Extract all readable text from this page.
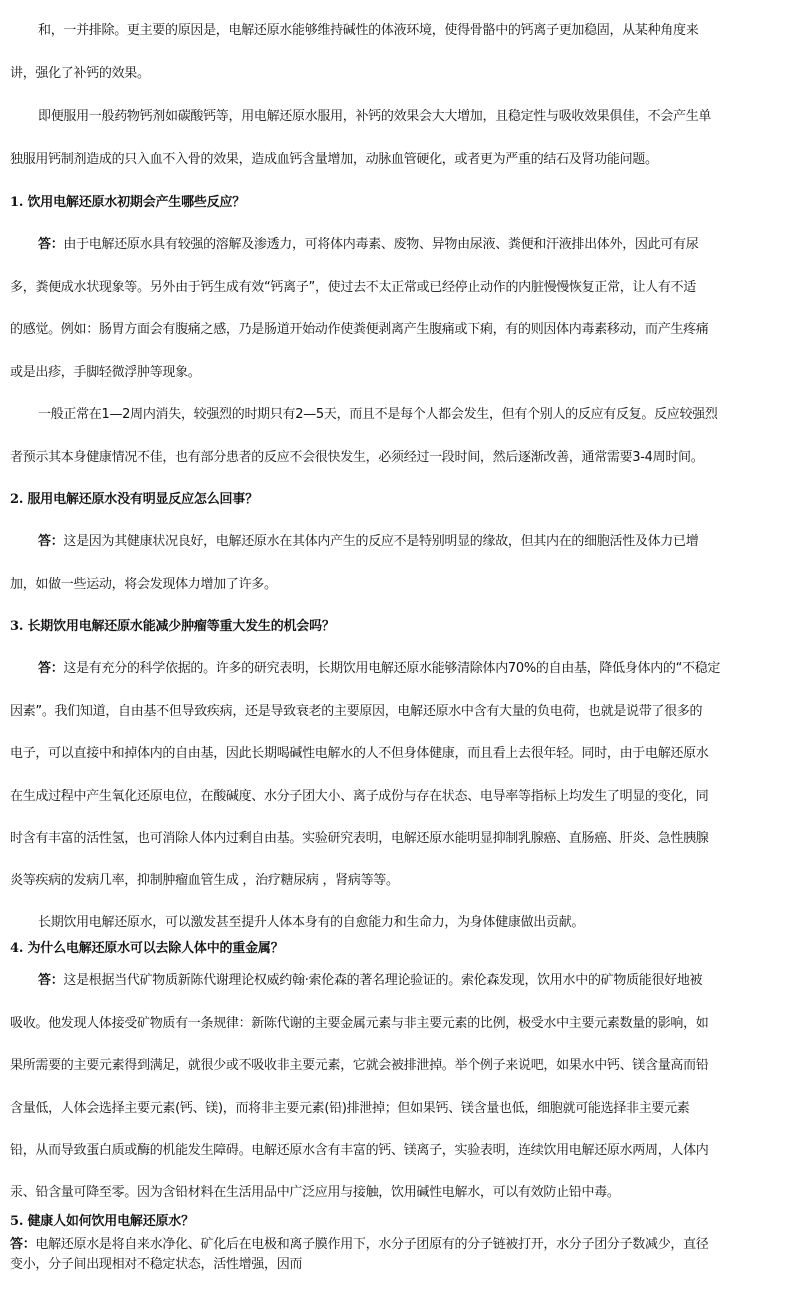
和，一并排除。更主要的原因是，电解还原水能够维持碱性的体液环境，使得骨骼中的钙离子更加稳固，从某种角度来
讲，强化了补钙的效果。
即便服用一般药物钙剂如碳酸钙等，用电解还原水服用，补钙的效果会大大增加，且稳定性与吸收效果俱佳，不会产生单
独服用钙制剂造成的只入血不入骨的效果，造成血钙含量增加，动脉血管硬化，或者更为严重的结石及肾功能问题。
1. 饮用电解还原水初期会产生哪些反应？
答：由于电解还原水具有较强的溶解及渗透力，可将体内毒素、废物、异物由尿液、粪便和汗液排出体外，因此可有尿
多，粪便成水状现象等。另外由于钙生成有效“钙离子”，使过去不太正常或已经停止动作的内脏慢慢恢复正常，让人有不适
的感觉。例如：肠胃方面会有腹痛之感，乃是肠道开始动作使粪便剥离产生腹痛或下痢，有的则因体内毒素移动，而产生疼痛
或是出疹，手脚轻微浮肿等现象。
一般正常在1—2周内消失，较强烈的时期只有2—5天，而且不是每个人都会发生，但有个别人的反应有反复。反应较强烈
者预示其本身健康情况不佳，也有部分患者的反应不会很快发生，必须经过一段时间，然后逐渐改善，通常需要3-4周时间。
2. 服用电解还原水没有明显反应怎么回事？
答：这是因为其健康状况良好，电解还原水在其体内产生的反应不是特别明显的缘故，但其内在的细胞活性及体力已增
加，如做一些运动，将会发现体力增加了许多。
3. 长期饮用电解还原水能减少肿瘤等重大发生的机会吗？
答：这是有充分的科学依据的。许多的研究表明，长期饮用电解还原水能够清除体内70%的自由基，降低身体内的“不稳定
因素”。我们知道，自由基不但导致疾病，还是导致衰老的主要原因，电解还原水中含有大量的负电荷，也就是说带了很多的
电子，可以直接中和掉体内的自由基，因此长期喝碱性电解水的人不但身体健康，而且看上去很年轻。同时，由于电解还原水
在生成过程中产生氧化还原电位，在酸碱度、水分子团大小、离子成份与存在状态、电导率等指标上均发生了明显的变化，同
时含有丰富的活性氢，也可消除人体内过剩自由基。实验研究表明，电解还原水能明显抑制乳腺癌、直肠癌、肝炎、急性胰腺
炎等疾病的发病几率，抑制肿瘤血管生成 ，治疗糖尿病 ，肾病等等。
长期饮用电解还原水，可以激发甚至提升人体本身有的自愈能力和生命力，为身体健康做出贡献。
4. 为什么电解还原水可以去除人体中的重金属？
答：这是根据当代矿物质新陈代谢理论权威约翰·索伦森的著名理论验证的。索伦森发现，饮用水中的矿物质能很好地被
吸收。他发现人体接受矿物质有一条规律：新陈代谢的主要金属元素与非主要元素的比例，极受水中主要元素数量的影响，如
果所需要的主要元素得到满足，就很少或不吸收非主要元素，它就会被排泄掉。举个例子来说吧，如果水中钙、镁含量高而铅
含量低，人体会选择主要元素(钙、镁)，而将非主要元素(铅)排泄掉；但如果钙、镁含量也低，细胞就可能选择非主要元素
铅，从而导致蛋白质或酶的机能发生障碍。电解还原水含有丰富的钙、镁离子，实验表明，连续饮用电解还原水两周，人体内
汞、铅含量可降至零。因为含铅材料在生活用品中广泛应用与接触，饮用碱性电解水，可以有效防止铅中毒。
5. 健康人如何饮用电解还原水？
答：电解还原水是将自来水净化、矿化后在电极和离子膜作用下，水分子团原有的分子链被打开，水分子团分子数减少，直径
变小，分子间出现相对不稳定状态，活性增强，因而
